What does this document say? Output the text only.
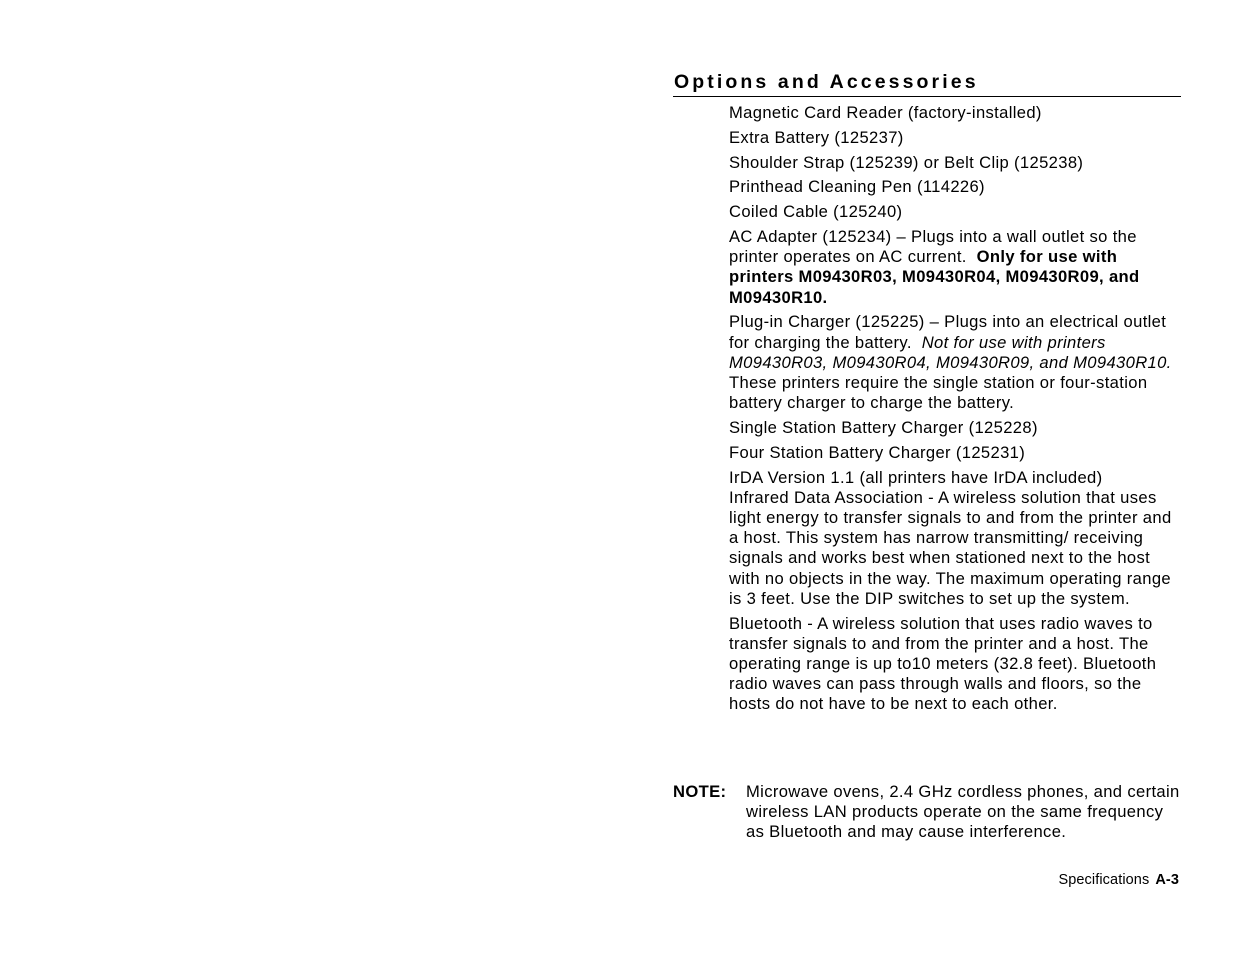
Options and Accessories
Magnetic Card Reader (factory-installed)
Extra Battery (125237)
Shoulder Strap (125239) or Belt Clip (125238)
Printhead Cleaning Pen (114226)
Coiled Cable (125240)
AC Adapter (125234) – Plugs into a wall outlet so the printer operates on AC current. Only for use with printers M09430R03, M09430R04, M09430R09, and M09430R10.
Plug-in Charger (125225) – Plugs into an electrical outlet for charging the battery. Not for use with printers M09430R03, M09430R04, M09430R09, and M09430R10.  These printers require the single station or four-station battery charger to charge the battery.
Single Station Battery Charger (125228)
Four Station Battery Charger (125231)
IrDA Version 1.1 (all printers have IrDA included)
Infrared Data Association - A wireless solution that uses light energy to transfer signals to and from the printer and a host. This system has narrow transmitting/ receiving signals and works best when stationed next to the host with no objects in the way. The maximum operating range is 3 feet. Use the DIP switches to set up the system.
Bluetooth - A wireless solution that uses radio waves to transfer signals to and from the printer and a host. The operating range is up to10 meters (32.8 feet). Bluetooth radio waves can pass through walls and floors, so the hosts do not have to be next to each other.
NOTE: Microwave ovens, 2.4 GHz cordless phones, and certain wireless LAN products operate on the same frequency as Bluetooth and may cause interference.
Specifications A-3
